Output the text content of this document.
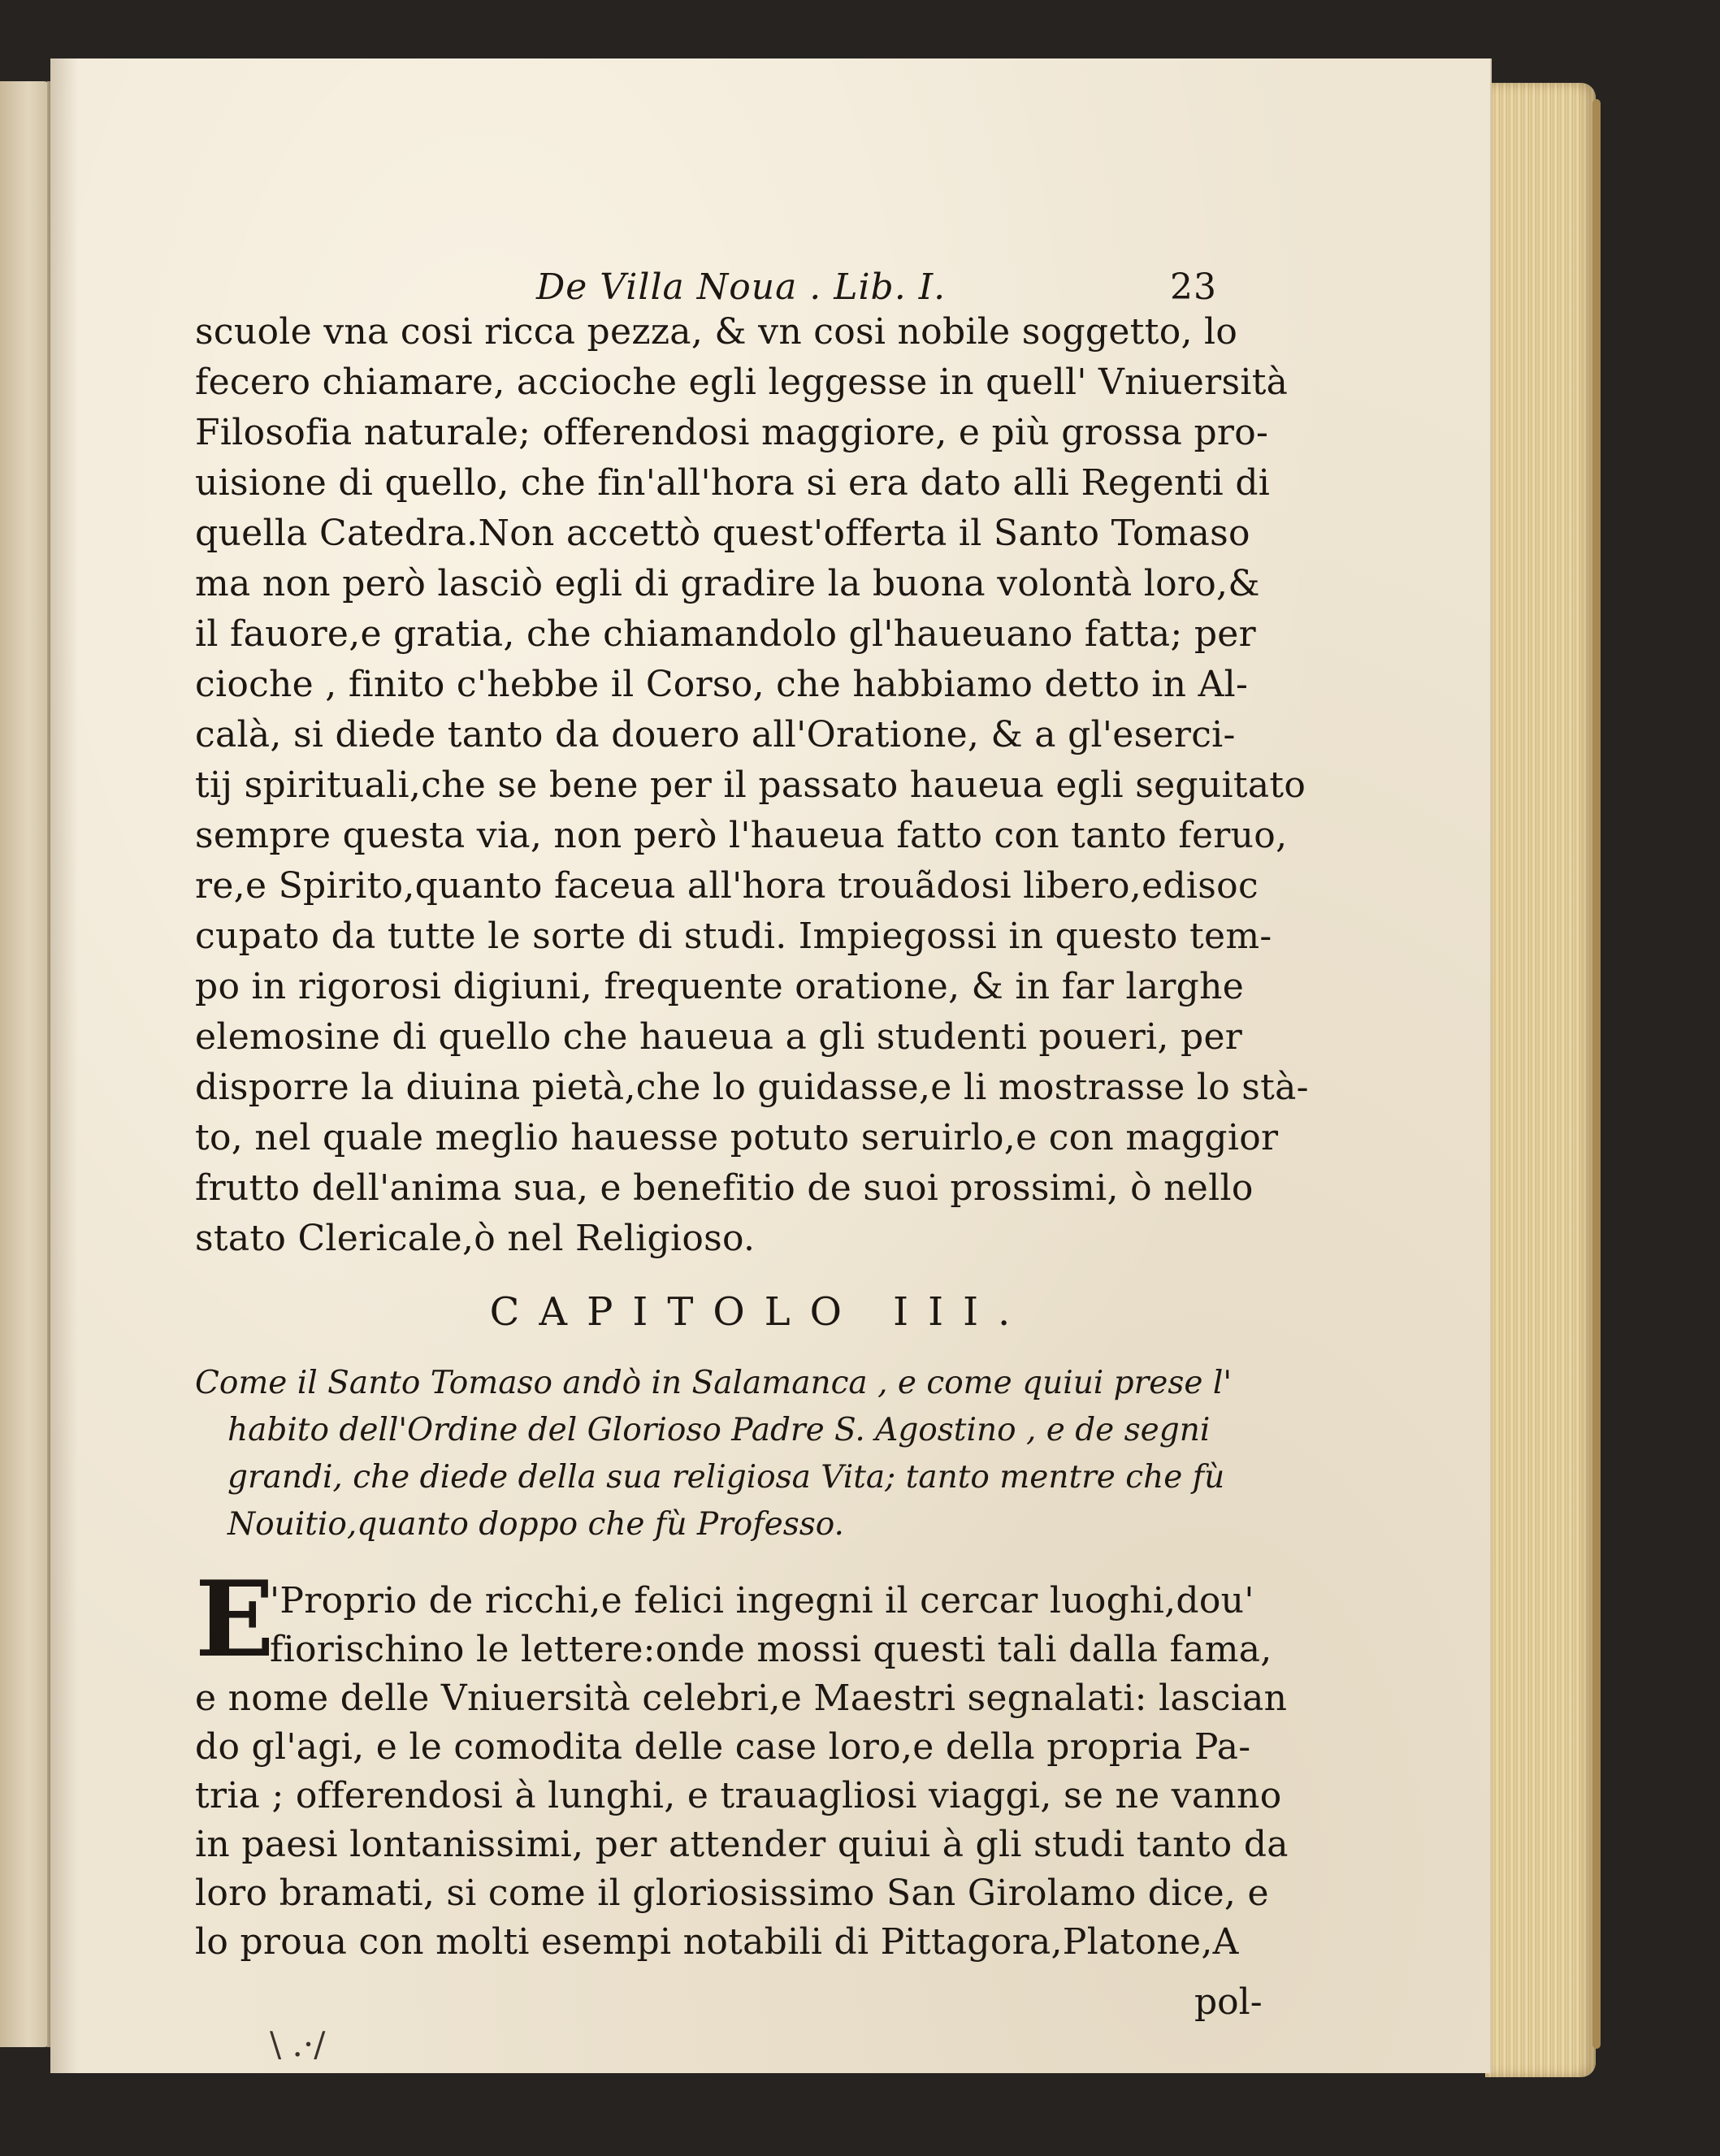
De Villa Noua . Lib. I.	23
scuole vna cosi ricca pezza, & vn cosi nobile soggetto, lo
fecero chiamare, accioche egli leggesse in quell' Vniuersità
Filosofia naturale; offerendosi maggiore, e più grossa pro-
uisione di quello, che fin'all'hora si era dato alli Regenti di
quella Catedra.Non accettò quest'offerta il Santo Tomaso
ma non però lasciò egli di gradire la buona volontà loro,&
il fauore,e gratia, che chiamandolo gl'haueuano fatta; per
cioche , finito c'hebbe il Corso, che habbiamo detto in Al-
calà, si diede tanto da douero all'Oratione, & a gl'eserci-
tij spirituali,che se bene per il passato haueua egli seguitato
sempre questa via, non però l'haueua fatto con tanto feruo,
re,e Spirito,quanto faceua all'hora trouãdosi libero,edisoc
cupato da tutte le sorte di studi. Impiegossi in questo tem-
po in rigorosi digiuni, frequente oratione, & in far larghe
elemosine di quello che haueua a gli studenti poueri, per
disporre la diuina pietà,che lo guidasse,e li mostrasse lo stà-
to, nel quale meglio hauesse potuto seruirlo,e con maggior
frutto dell'anima sua, e benefitio de suoi prossimi, ò nello
stato Clericale,ò nel Religioso.
CAPITOLO III.
Come il Santo Tomaso andò in Salamanca , e come quiui prese l'
habito dell'Ordine del Glorioso Padre S. Agostino , e de segni
grandi, che diede della sua religiosa Vita; tanto mentre che fù
Nouitio,quanto doppo che fù Professo.
E
'Proprio de ricchi,e felici ingegni il cercar luoghi,dou'
fiorischino le lettere:onde mossi questi tali dalla fama,
e nome delle Vniuersità celebri,e Maestri segnalati: lascian
do gl'agi, e le comodita delle case loro,e della propria Pa-
tria ; offerendosi à lunghi, e trauagliosi viaggi, se ne vanno
in paesi lontanissimi, per attender quiui à gli studi tanto da
loro bramati, si come il gloriosissimo San Girolamo dice, e
lo proua con molti esempi notabili di Pittagora,Platone,A
pol-
\ .·/
